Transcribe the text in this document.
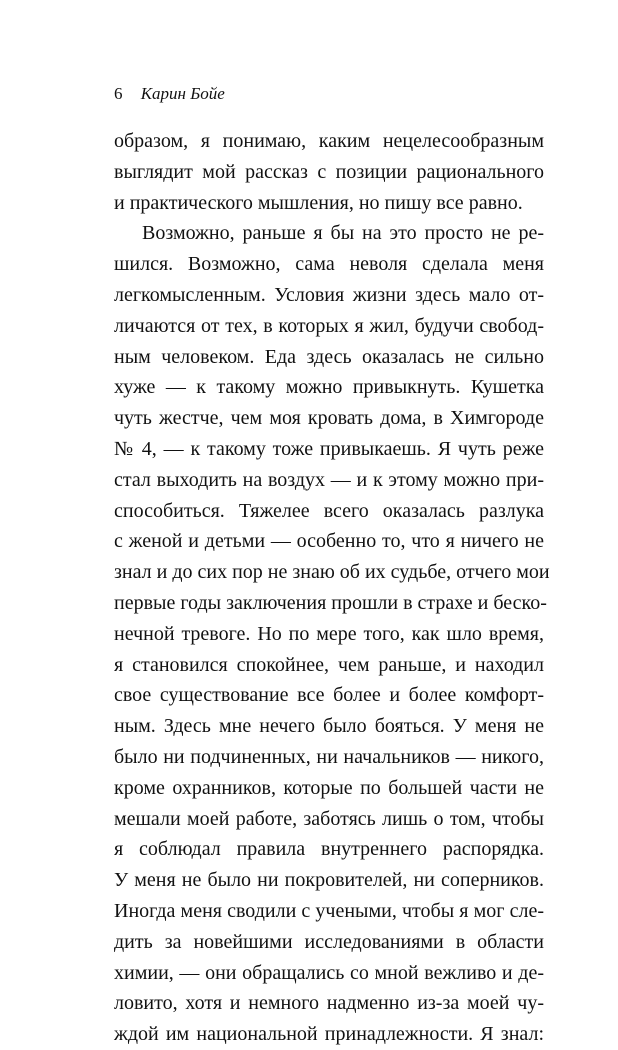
6 Карин Бойе
образом, я понимаю, каким нецелесообразным
выглядит мой рассказ с позиции рационального
и практического мышления, но пишу все равно.
Возможно, раньше я бы на это просто не ре-
шился. Возможно, сама неволя сделала меня
легкомысленным. Условия жизни здесь мало от-
личаются от тех, в которых я жил, будучи свобод-
ным человеком. Еда здесь оказалась не сильно
хуже — к такому можно привыкнуть. Кушетка
чуть жестче, чем моя кровать дома, в Химгороде
№ 4, — к такому тоже привыкаешь. Я чуть реже
стал выходить на воздух — и к этому можно при-
способиться. Тяжелее всего оказалась разлука
с женой и детьми — особенно то, что я ничего не
знал и до сих пор не знаю об их судьбе, отчего мои
первые годы заключения прошли в страхе и беско-
нечной тревоге. Но по мере того, как шло время,
я становился спокойнее, чем раньше, и находил
свое существование все более и более комфорт-
ным. Здесь мне нечего было бояться. У меня не
было ни подчиненных, ни начальников — никого,
кроме охранников, которые по большей части не
мешали моей работе, заботясь лишь о том, чтобы
я соблюдал правила внутреннего распорядка.
У меня не было ни покровителей, ни соперников.
Иногда меня сводили с учеными, чтобы я мог сле-
дить за новейшими исследованиями в области
химии, — они обращались со мной вежливо и де-
ловито, хотя и немного надменно из-за моей чу-
ждой им национальной принадлежности. Я знал:
